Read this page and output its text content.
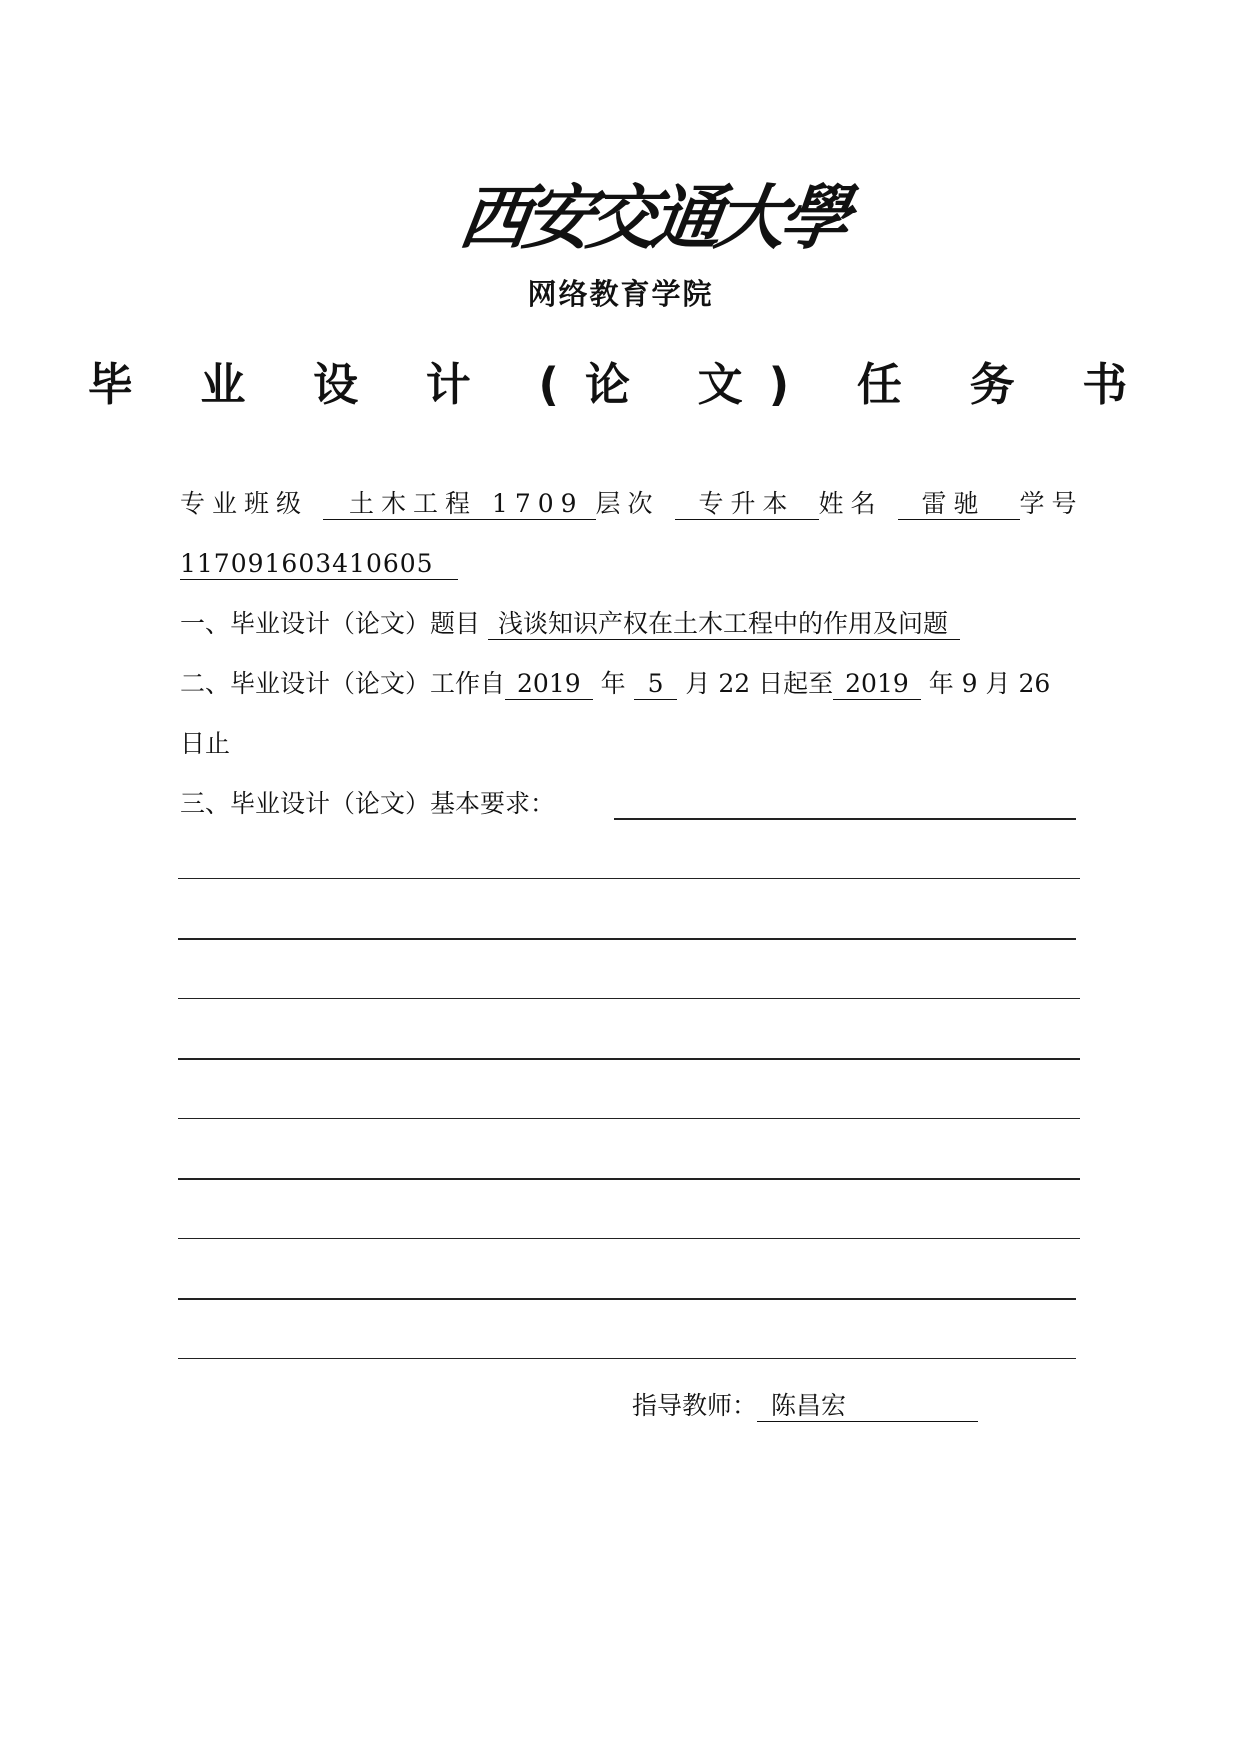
西安交通大學
网络教育学院
毕 业 设 计 (论 文) 任 务 书
专业班级 土木工程 1709 层次 专升本 姓名 雷驰 学号
117091603410605
一、毕业设计（论文）题目 浅谈知识产权在土木工程中的作用及问题
二、毕业设计（论文）工作自 2019 年 5 月 22 日起至 2019 年 9 月 26
日止
三、毕业设计（论文）基本要求：
指导教师： 陈昌宏
